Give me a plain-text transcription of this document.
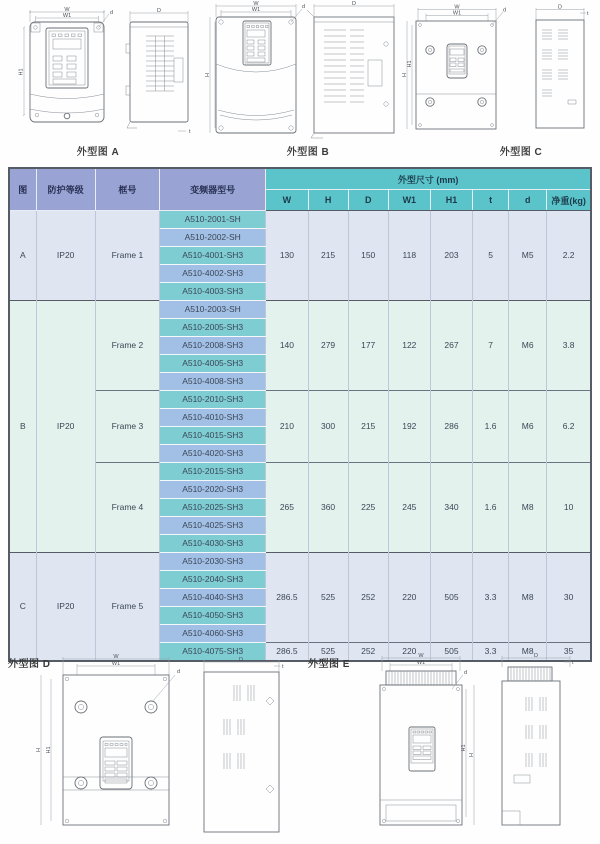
W
W1
H1
d	D
t
外型图 A
W
W1
H
d
D
外型图 B
W
W1
H
H1
d	D
t
外型图 C
图	防护等级	框号	变频器型号	外型尺寸 (mm)							
				W	H	D	W1	H1	t	d	净重(kg)
A	IP20	Frame 1	A510-2001-SH	130	215	150	118	203	5	M5	2.2
			A510-2002-SH								
			A510-4001-SH3								
			A510-4002-SH3								
			A510-4003-SH3								
B	IP20	Frame 2	A510-2003-SH	140	279	177	122	267	7	M6	3.8
			A510-2005-SH3								
			A510-2008-SH3								
			A510-4005-SH3								
			A510-4008-SH3								
		Frame 3	A510-2010-SH3	210	300	215	192	286	1.6	M6	6.2
			A510-4010-SH3								
			A510-4015-SH3								
			A510-4020-SH3								
		Frame 4	A510-2015-SH3	265	360	225	245	340	1.6	M8	10
			A510-2020-SH3								
			A510-2025-SH3								
			A510-4025-SH3								
			A510-4030-SH3								
C	IP20	Frame 5	A510-2030-SH3	286.5	525	252	220	505	3.3	M8	30
			A510-2040-SH3								
			A510-4040-SH3								
			A510-4050-SH3								
			A510-4060-SH3								
			A510-4075-SH3	286.5	525	252	220	505	3.3	M8	35
外型图 D
W
W1
H H1
d
D
t 外型图 E
W
W1
H
H1
d
D
t
